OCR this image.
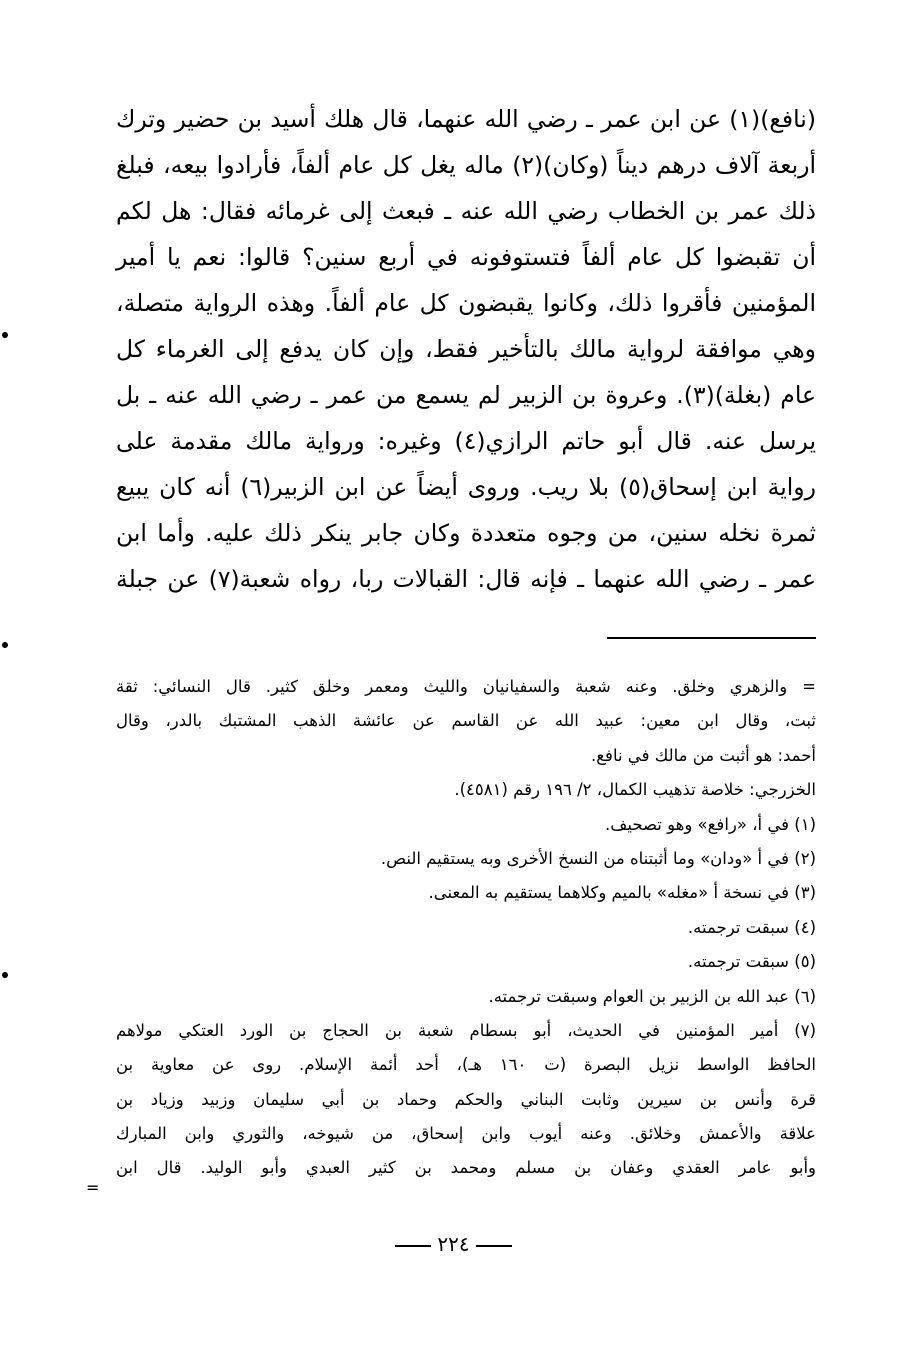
(نافع)(١) عن ابن عمر ـ رضي الله عنهما، قال هلك أسيد بن حضير وترك
أربعة آلاف درهم ديناً (وكان)(٢) ماله يغل كل عام ألفاً، فأرادوا بيعه، فبلغ
ذلك عمر بن الخطاب رضي الله عنه ـ فبعث إلى غرمائه فقال: هل لكم
أن تقبضوا كل عام ألفاً فتستوفونه في أربع سنين؟ قالوا: نعم يا أمير
المؤمنين فأقروا ذلك، وكانوا يقبضون كل عام ألفاً. وهذه الرواية متصلة،
وهي موافقة لرواية مالك بالتأخير فقط، وإن كان يدفع إلى الغرماء كل
عام (بغلة)(٣). وعروة بن الزبير لم يسمع من عمر ـ رضي الله عنه ـ بل
يرسل عنه. قال أبو حاتم الرازي(٤) وغيره: ورواية مالك مقدمة على
رواية ابن إسحاق(٥) بلا ريب. وروى أيضاً عن ابن الزبير(٦) أنه كان يبيع
ثمرة نخله سنين، من وجوه متعددة وكان جابر ينكر ذلك عليه. وأما ابن
عمر ـ رضي الله عنهما ـ فإنه قال: القبالات ربا، رواه شعبة(٧) عن جبلة
= والزهري وخلق. وعنه شعبة والسفيانيان والليث ومعمر وخلق كثير. قال النسائي: ثقة
ثبت، وقال ابن معين: عبيد الله عن القاسم عن عائشة الذهب المشتبك بالدر، وقال
أحمد: هو أثبت من مالك في نافع.
الخزرجي: خلاصة تذهيب الكمال، ٢/ ١٩٦ رقم (٤٥٨١).
(١) في أ، «رافع» وهو تصحيف.
(٢) في أ «ودان» وما أثبتناه من النسخ الأخرى وبه يستقيم النص.
(٣) في نسخة أ «مغله» بالميم وكلاهما يستقيم به المعنى.
(٤) سبقت ترجمته.
(٥) سبقت ترجمته.
(٦) عبد الله بن الزبير بن العوام وسبقت ترجمته.
(٧) أمير المؤمنين في الحديث، أبو بسطام شعبة بن الحجاج بن الورد العتكي مولاهم
الحافظ الواسط نزيل البصرة (ت ١٦٠ هـ)، أحد أئمة الإسلام. روى عن معاوية بن
قرة وأنس بن سيرين وثابت البناني والحكم وحماد بن أبي سليمان وزبيد وزياد بن
علاقة والأعمش وخلائق. وعنه أيوب وابن إسحاق، من شيوخه، والثوري وابن المبارك
وأبو عامر العقدي وعفان بن مسلم ومحمد بن كثير العبدي وأبو الوليد. قال ابن
=
٢٢٤
